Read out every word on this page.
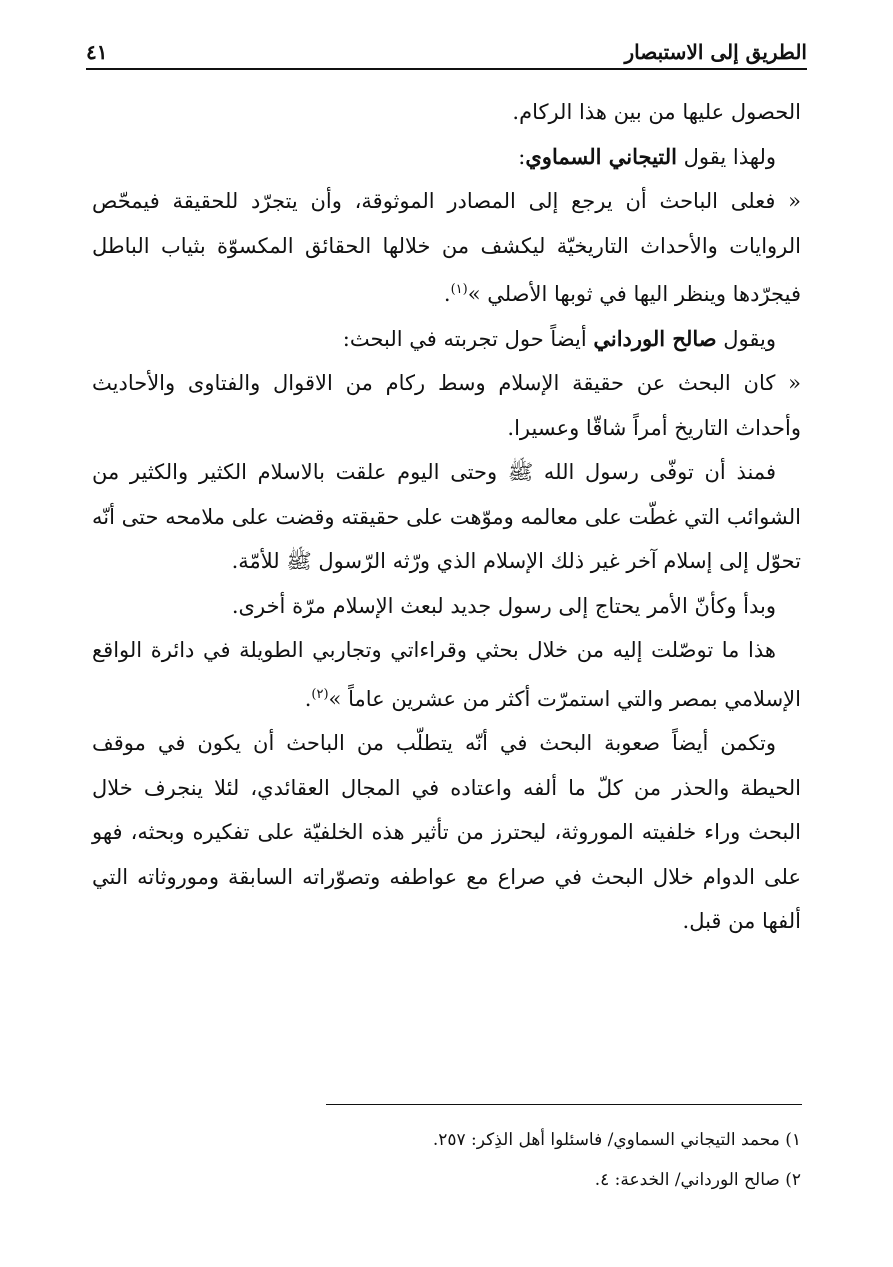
الطريق إلى الاستبصار
٤١

الحصول عليها من بين هذا الركام.

ولهذا يقول التيجاني السماوي:

« فعلى الباحث أن يرجع إلى المصادر الموثوقة، وأن يتجرّد للحقيقة فيمحّص الروايات والأحداث التاريخيّة ليكشف من خلالها الحقائق المكسوّة بثياب الباطل فيجرّدها وينظر اليها في ثوبها الأصلي »$^{(١)}$.

ويقول صالح الورداني أيضاً حول تجربته في البحث:

« كان البحث عن حقيقة الإسلام وسط ركام من الاقوال والفتاوى والأحاديث وأحداث التاريخ أمراً شاقّا وعسيرا.

فمنذ أن توفّى رسول الله ﷺ وحتى اليوم علقت بالاسلام الكثير والكثير من الشوائب التي غطّت على معالمه وموّهت على حقيقته وقضت على ملامحه حتى أنّه تحوّل إلى إسلام آخر غير ذلك الإسلام الذي ورّثه الرّسول ﷺ للأمّة.

وبدأ وكأنّ الأمر يحتاج إلى رسول جديد لبعث الإسلام مرّة أخرى.

هذا ما توصّلت إليه من خلال بحثي وقراءاتي وتجاربي الطويلة في دائرة الواقع الإسلامي بمصر والتي استمرّت أكثر من عشرين عاماً »$^{(٢)}$.

وتكمن أيضاً صعوبة البحث في أنّه يتطلّب من الباحث أن يكون في موقف الحيطة والحذر من كلّ ما ألفه واعتاده في المجال العقائدي، لئلا ينجرف خلال البحث وراء خلفيته الموروثة، ليحترز من تأثير هذه الخلفيّة على تفكيره وبحثه، فهو على الدوام خلال البحث في صراع مع عواطفه وتصوّراته السابقة وموروثاته التي ألفها من قبل.

١) محمد التيجاني السماوي/ فاسئلوا أهل الذِكر: ٢٥٧.

٢) صالح الورداني/ الخدعة: ٤.
